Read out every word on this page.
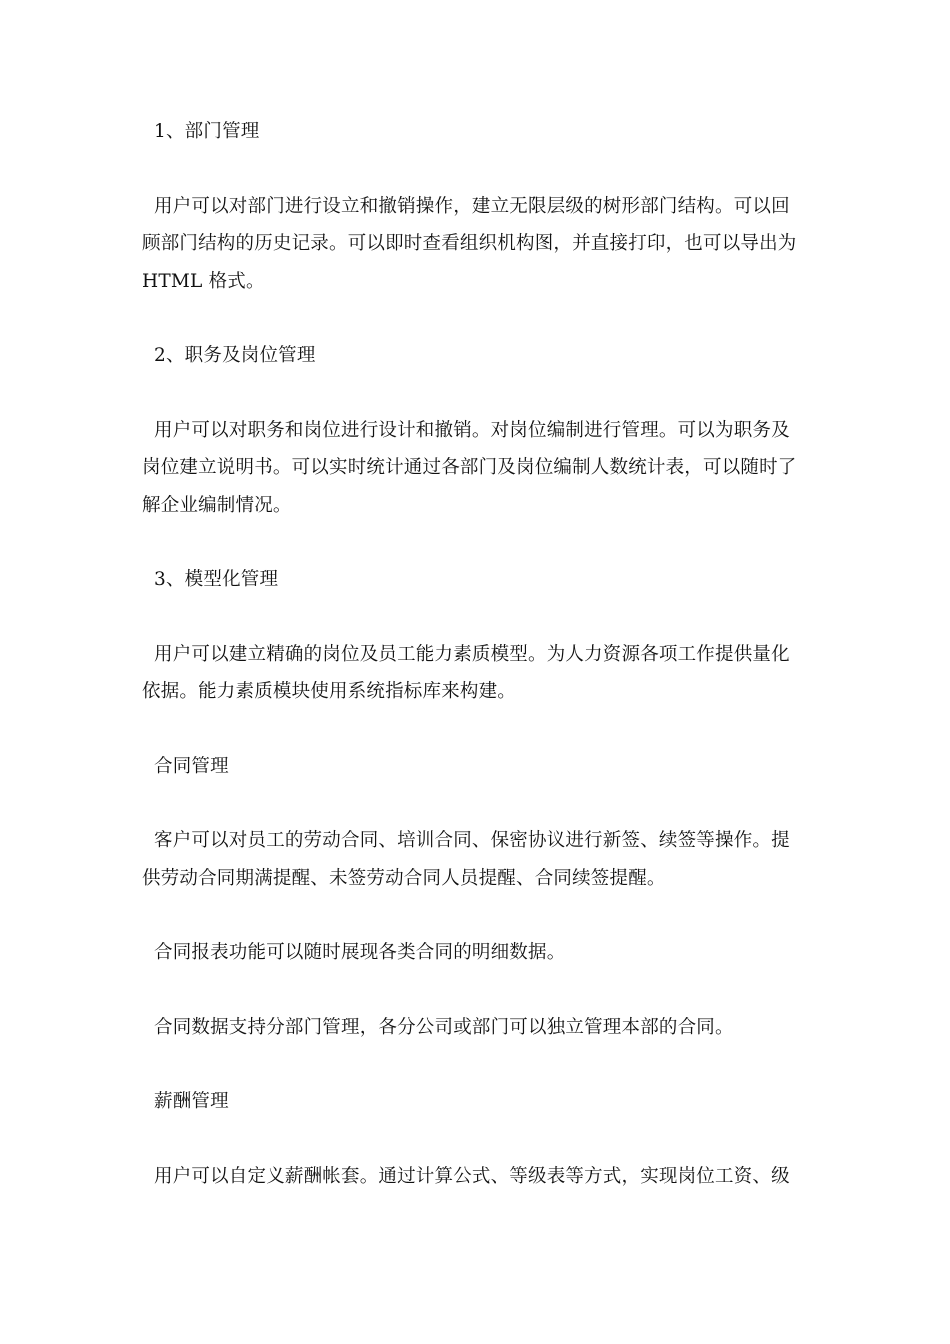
1、部门管理
用户可以对部门进行设立和撤销操作，建立无限层级的树形部门结构。可以回
顾部门结构的历史记录。可以即时查看组织机构图，并直接打印，也可以导出为
HTML 格式。
2、职务及岗位管理
用户可以对职务和岗位进行设计和撤销。对岗位编制进行管理。可以为职务及
岗位建立说明书。可以实时统计通过各部门及岗位编制人数统计表，可以随时了
解企业编制情况。
3、模型化管理
用户可以建立精确的岗位及员工能力素质模型。为人力资源各项工作提供量化
依据。能力素质模块使用系统指标库来构建。
合同管理
客户可以对员工的劳动合同、培训合同、保密协议进行新签、续签等操作。提
供劳动合同期满提醒、未签劳动合同人员提醒、合同续签提醒。
合同报表功能可以随时展现各类合同的明细数据。
合同数据支持分部门管理，各分公司或部门可以独立管理本部的合同。
薪酬管理
用户可以自定义薪酬帐套。通过计算公式、等级表等方式，实现岗位工资、级
